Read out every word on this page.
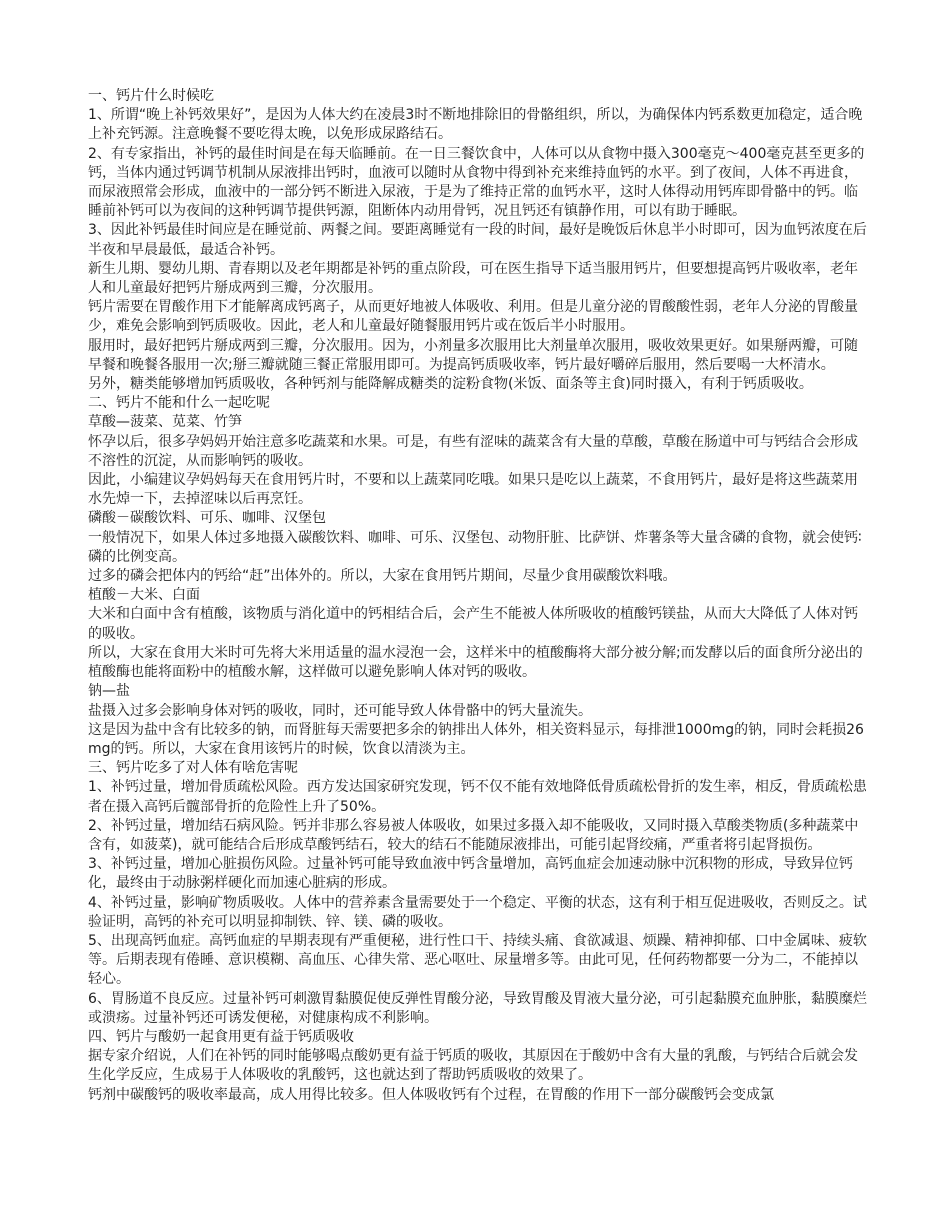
一、钙片什么时候吃

1、所谓“晚上补钙效果好”，是因为人体大约在凌晨3时不断地排除旧的骨骼组织，所以，为确保体内钙系数更加稳定，适合晚上补充钙源。注意晚餐不要吃得太晚，以免形成尿路结石。

2、有专家指出，补钙的最佳时间是在每天临睡前。在一日三餐饮食中，人体可以从食物中摄入300毫克～400毫克甚至更多的钙，当体内通过钙调节机制从尿液排出钙时，血液可以随时从食物中得到补充来维持血钙的水平。到了夜间，人体不再进食，而尿液照常会形成，血液中的一部分钙不断进入尿液，于是为了维持正常的血钙水平，这时人体得动用钙库即骨骼中的钙。临睡前补钙可以为夜间的这种钙调节提供钙源，阻断体内动用骨钙，况且钙还有镇静作用，可以有助于睡眠。

3、因此补钙最佳时间应是在睡觉前、两餐之间。要距离睡觉有一段的时间，最好是晚饭后休息半小时即可，因为血钙浓度在后半夜和早晨最低，最适合补钙。

新生儿期、婴幼儿期、青春期以及老年期都是补钙的重点阶段，可在医生指导下适当服用钙片，但要想提高钙片吸收率，老年人和儿童最好把钙片掰成两到三瓣，分次服用。

钙片需要在胃酸作用下才能解离成钙离子，从而更好地被人体吸收、利用。但是儿童分泌的胃酸酸性弱，老年人分泌的胃酸量少，难免会影响到钙质吸收。因此，老人和儿童最好随餐服用钙片或在饭后半小时服用。

服用时，最好把钙片掰成两到三瓣，分次服用。因为，小剂量多次服用比大剂量单次服用，吸收效果更好。如果掰两瓣，可随早餐和晚餐各服用一次;掰三瓣就随三餐正常服用即可。为提高钙质吸收率，钙片最好嚼碎后服用，然后要喝一大杯清水。

另外，糖类能够增加钙质吸收，各种钙剂与能降解成糖类的淀粉食物(米饭、面条等主食)同时摄入，有利于钙质吸收。

二、钙片不能和什么一起吃呢

草酸—菠菜、苋菜、竹笋

怀孕以后，很多孕妈妈开始注意多吃蔬菜和水果。可是，有些有涩味的蔬菜含有大量的草酸，草酸在肠道中可与钙结合会形成不溶性的沉淀，从而影响钙的吸收。

因此，小编建议孕妈妈每天在食用钙片时，不要和以上蔬菜同吃哦。如果只是吃以上蔬菜，不食用钙片，最好是将这些蔬菜用水先焯一下，去掉涩味以后再烹饪。

磷酸－碳酸饮料、可乐、咖啡、汉堡包

一般情况下，如果人体过多地摄入碳酸饮料、咖啡、可乐、汉堡包、动物肝脏、比萨饼、炸薯条等大量含磷的食物，就会使钙∶磷的比例变高。

过多的磷会把体内的钙给“赶”出体外的。所以，大家在食用钙片期间，尽量少食用碳酸饮料哦。

植酸－大米、白面

大米和白面中含有植酸，该物质与消化道中的钙相结合后，会产生不能被人体所吸收的植酸钙镁盐，从而大大降低了人体对钙的吸收。

所以，大家在食用大米时可先将大米用适量的温水浸泡一会，这样米中的植酸酶将大部分被分解;而发酵以后的面食所分泌出的植酸酶也能将面粉中的植酸水解，这样做可以避免影响人体对钙的吸收。

钠—盐

盐摄入过多会影响身体对钙的吸收，同时，还可能导致人体骨骼中的钙大量流失。

这是因为盐中含有比较多的钠，而肾脏每天需要把多余的钠排出人体外，相关资料显示，每排泄1000mg的钠，同时会耗损26mg的钙。所以，大家在食用该钙片的时候，饮食以清淡为主。

三、钙片吃多了对人体有啥危害呢

1、补钙过量，增加骨质疏松风险。西方发达国家研究发现，钙不仅不能有效地降低骨质疏松骨折的发生率，相反，骨质疏松患者在摄入高钙后髋部骨折的危险性上升了50%。

2、补钙过量，增加结石病风险。钙并非那么容易被人体吸收，如果过多摄入却不能吸收，又同时摄入草酸类物质(多种蔬菜中含有，如菠菜)，就可能结合后形成草酸钙结石，较大的结石不能随尿液排出，可能引起肾绞痛，严重者将引起肾损伤。

3、补钙过量，增加心脏损伤风险。过量补钙可能导致血液中钙含量增加，高钙血症会加速动脉中沉积物的形成，导致异位钙化，最终由于动脉粥样硬化而加速心脏病的形成。

4、补钙过量，影响矿物质吸收。人体中的营养素含量需要处于一个稳定、平衡的状态，这有利于相互促进吸收，否则反之。试验证明，高钙的补充可以明显抑制铁、锌、镁、磷的吸收。

5、出现高钙血症。高钙血症的早期表现有严重便秘，进行性口干、持续头痛、食欲减退、烦躁、精神抑郁、口中金属味、疲软等。后期表现有倦睡、意识模糊、高血压、心律失常、恶心呕吐、尿量增多等。由此可见，任何药物都要一分为二，不能掉以轻心。

6、胃肠道不良反应。过量补钙可刺激胃黏膜促使反弹性胃酸分泌，导致胃酸及胃液大量分泌，可引起黏膜充血肿胀，黏膜糜烂或溃疡。过量补钙还可诱发便秘，对健康构成不利影响。

四、钙片与酸奶一起食用更有益于钙质吸收

据专家介绍说，人们在补钙的同时能够喝点酸奶更有益于钙质的吸收，其原因在于酸奶中含有大量的乳酸，与钙结合后就会发生化学反应，生成易于人体吸收的乳酸钙，这也就达到了帮助钙质吸收的效果了。

钙剂中碳酸钙的吸收率最高，成人用得比较多。但人体吸收钙有个过程，在胃酸的作用下一部分碳酸钙会变成氯
